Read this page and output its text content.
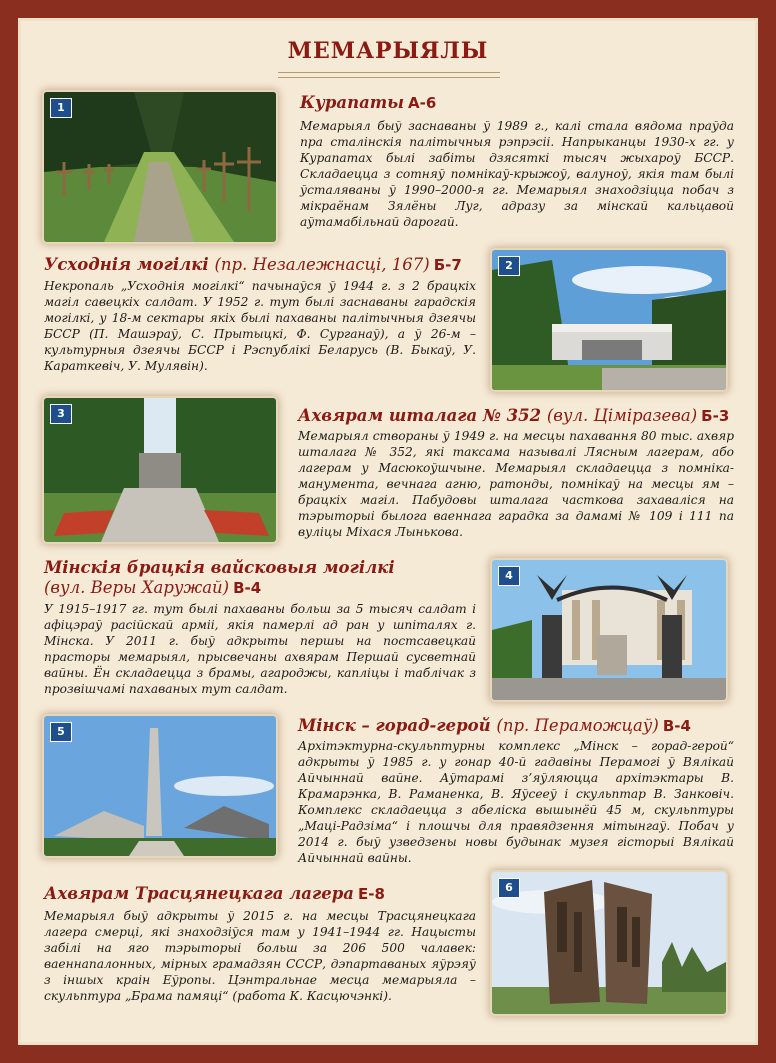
МЕМАРЫЯЛЫ
1	Курапаты А-6
Мемарыял быў заснаваны ў 1989 г., калі стала вядома праўда пра сталінскія палітычныя рэпрэсіі. Напрыканцы 1930-х гг. у Курапатах былі забіты дзясяткі тысяч жыхароў БССР. Складаецца з сотняў помнікаў-крыжоў, валуноў, якія там былі ўсталяваны ў 1990–2000-я гг. Мемарыял знаходзіцца побач з мікраёнам Зялёны Луг, адразу за мінскай кальцавой аўтамабільнай дарогай.
Усходнія могілкі (пр. Незалежнасці, 167) Б-7
Некропаль „Усходнія могілкі“ пачынаўся ў 1944 г. з 2 брацкіх магіл савецкіх салдат. У 1952 г. тут былі заснаваны гарадскія могілкі, у 18-м сектары якіх былі пахаваны палітычныя дзеячы БССР (П. Машэраў, С. Прытыцкі, Ф. Сурганаў), а ў 26-м – культурныя дзеячы БССР і Рэспублікі Беларусь (В. Быкаў, У. Караткевіч, У. Мулявін).
2
3	Ахвярам шталага № 352 (вул. Ціміразева) Б-3
Мемарыял створаны ў 1949 г. на месцы пахавання 80 тыс. ахвяр шталага № 352, які таксама называлі Лясным лагерам, або лагерам у Масюкоўшчыне. Мемарыял складаецца з помніка-манумента, вечнага агню, ратонды, помнікаў на месцы ям – брацкіх магіл. Пабудовы шталага часткова захаваліся на тэрыторыі былога ваеннага гарадка за дамамі № 109 і 111 па вуліцы Міхася Лынькова.
Мінскія брацкія вайсковыя могілкі
(вул. Веры Харужай) В-4
У 1915–1917 гг. тут былі пахаваны больш за 5 тысяч салдат і афіцэраў расійскай арміі, якія памерлі ад ран у шпіталях г. Мінска. У 2011 г. быў адкрыты першы на постсавецкай прасторы мемарыял, прысвечаны ахвярам Першай сусветнай вайны. Ён складаецца з брамы, агароджы, капліцы і таблічак з прозвішчамі пахаваных тут салдат.
4
5	Мінск – горад-герой (пр. Пераможцаў) В-4
Архітэктурна-скульптурны комплекс „Мінск – горад-герой“ адкрыты ў 1985 г. у гонар 40-й гадавіны Перамогі ў Вялікай Айчыннай вайне. Аўтарамі з’яўляюцца архітэктары В. Крамарэнка, В. Раманенка, В. Яўсееў і скульптар В. Занковіч. Комплекс складаецца з абеліска вышынёй 45 м, скульптуры „Маці-Радзіма“ і плошчы для правядзення мітынгаў. Побач у 2014 г. быў узведзены новы будынак музея гісторыі Вялікай Айчыннай вайны.
Ахвярам Трасцянецкага лагера Е-8
Мемарыял быў адкрыты ў 2015 г. на месцы Трасцянецкага лагера смерці, які знаходзіўся там у 1941–1944 гг. Нацысты забілі на яго тэрыторыі больш за 206 500 чалавек: ваеннапалонных, мірных грамадзян СССР, дэпартаваных яўрэяў з іншых краін Еўропы. Цэнтральнае месца мемарыяла – скульптура „Брама памяці“ (работа К. Касцючэнкі).
6
